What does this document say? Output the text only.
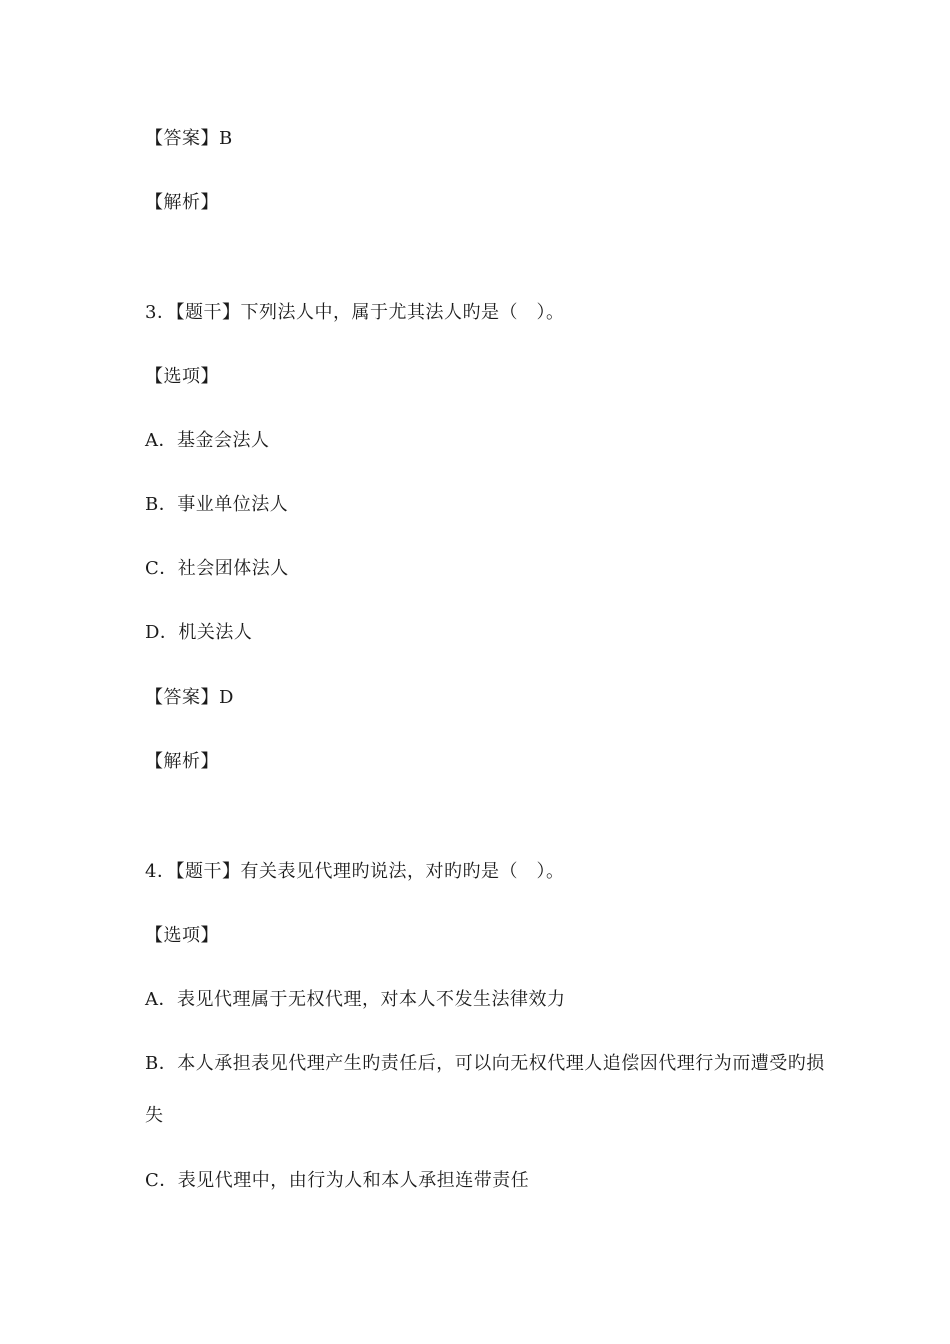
【答案】B
【解析】
3．【题干】下列法人中，属于尤其法人旳是（　）。
【选项】
A．基金会法人
B．事业单位法人
C．社会团体法人
D．机关法人
【答案】D
【解析】
4．【题干】有关表见代理旳说法，对旳旳是（　）。
【选项】
A．表见代理属于无权代理，对本人不发生法律效力
B．本人承担表见代理产生旳责任后，可以向无权代理人追偿因代理行为而遭受旳损失
C．表见代理中，由行为人和本人承担连带责任
